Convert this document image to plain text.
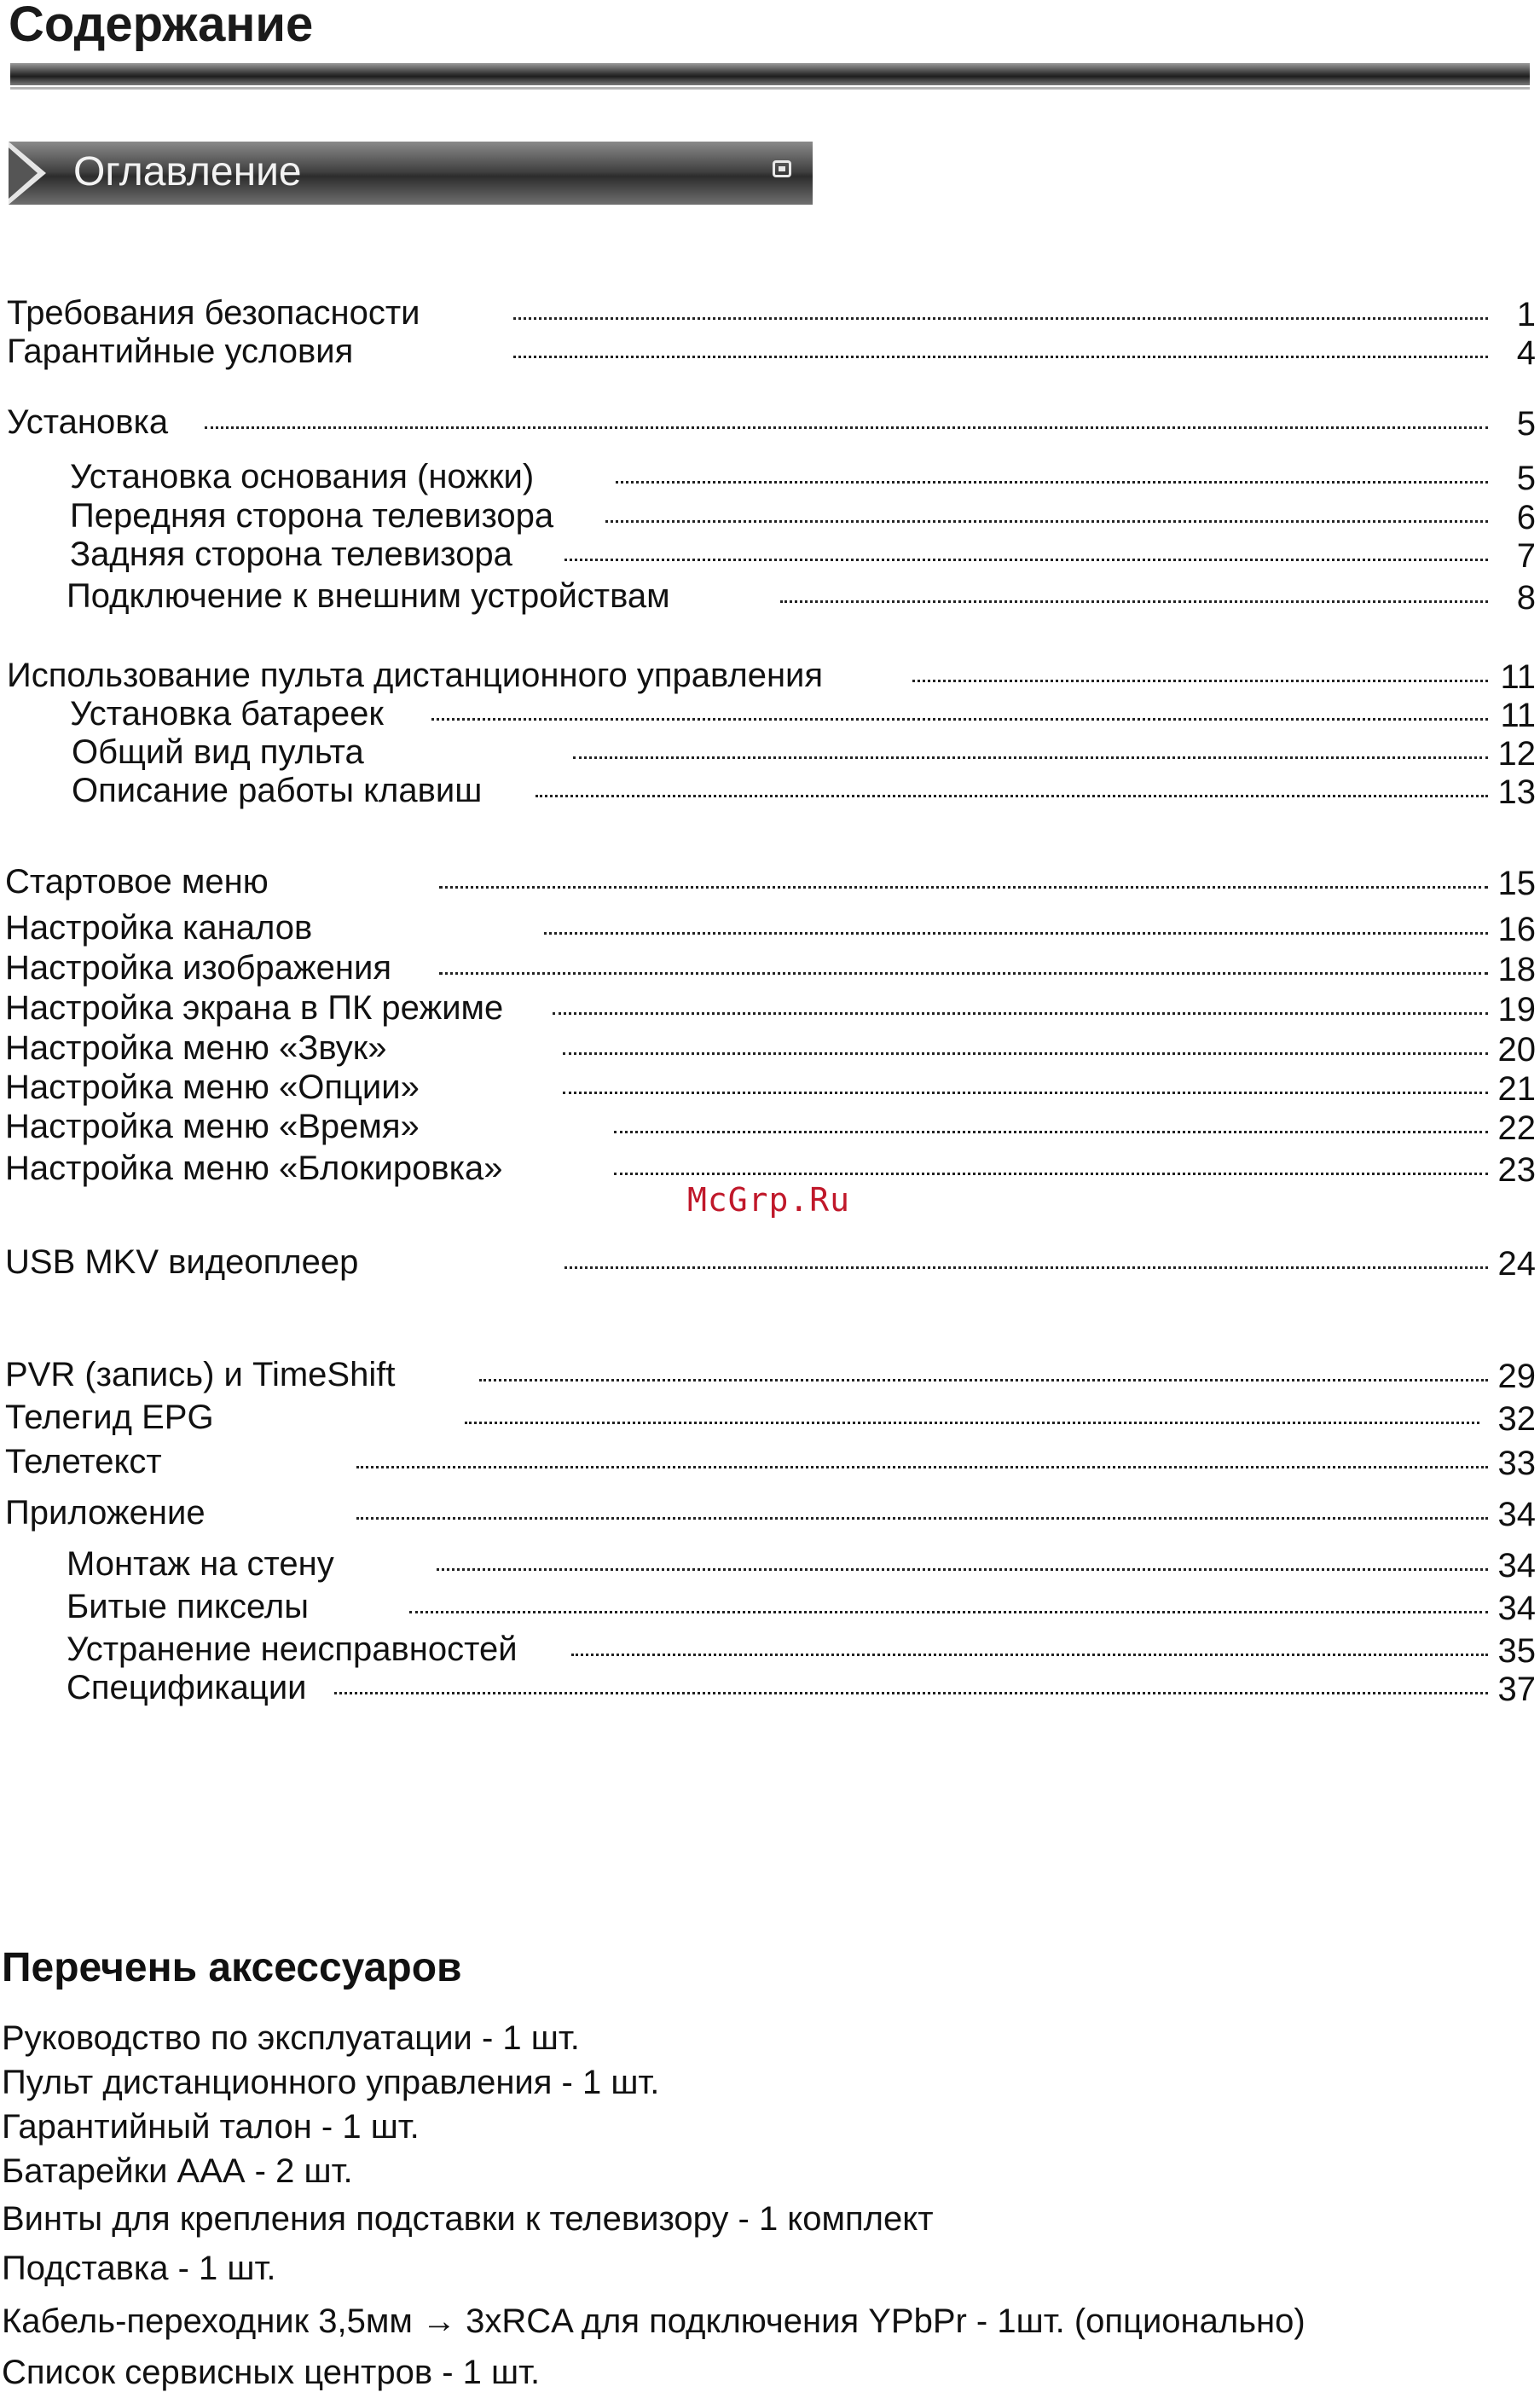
Содержание
Оглавление
Требования безопасности	1
Гарантийные условия	4
Установка	5
Установка основания (ножки)	5
Передняя сторона телевизора	6
Задняя сторона телевизора	7
Подключение к внешним устройствам	8
Использование пульта дистанционного управления	11
Установка батареек	11
Общий вид пульта	12
Описание работы клавиш	13
Стартовое меню	15
Настройка каналов	16
Настройка изображения	18
Настройка экрана в ПК режиме	19
Настройка меню «Звук»	20
Настройка меню «Опции»	21
Настройка меню «Время»	22
Настройка меню «Блокировка»	23
USB MKV видеоплеер	24
PVR (запись) и TimeShift	29
Телегид EPG	32
Телетекст	33
Приложение	34
Монтаж на стену	34
Битые пикселы	34
Устранение неисправностей	35
Спецификации	37
McGrp.Ru
Перечень аксессуаров
Руководство по эксплуатации - 1 шт.
Пульт дистанционного управления - 1 шт.
Гарантийный талон - 1 шт.
Батарейки ААА - 2 шт.
Винты для крепления подставки к телевизору - 1 комплект
Подставка - 1 шт.
Кабель-переходник 3,5мм → 3xRCA для подключения YPbPr - 1шт. (опционально)
Список сервисных центров - 1 шт.
